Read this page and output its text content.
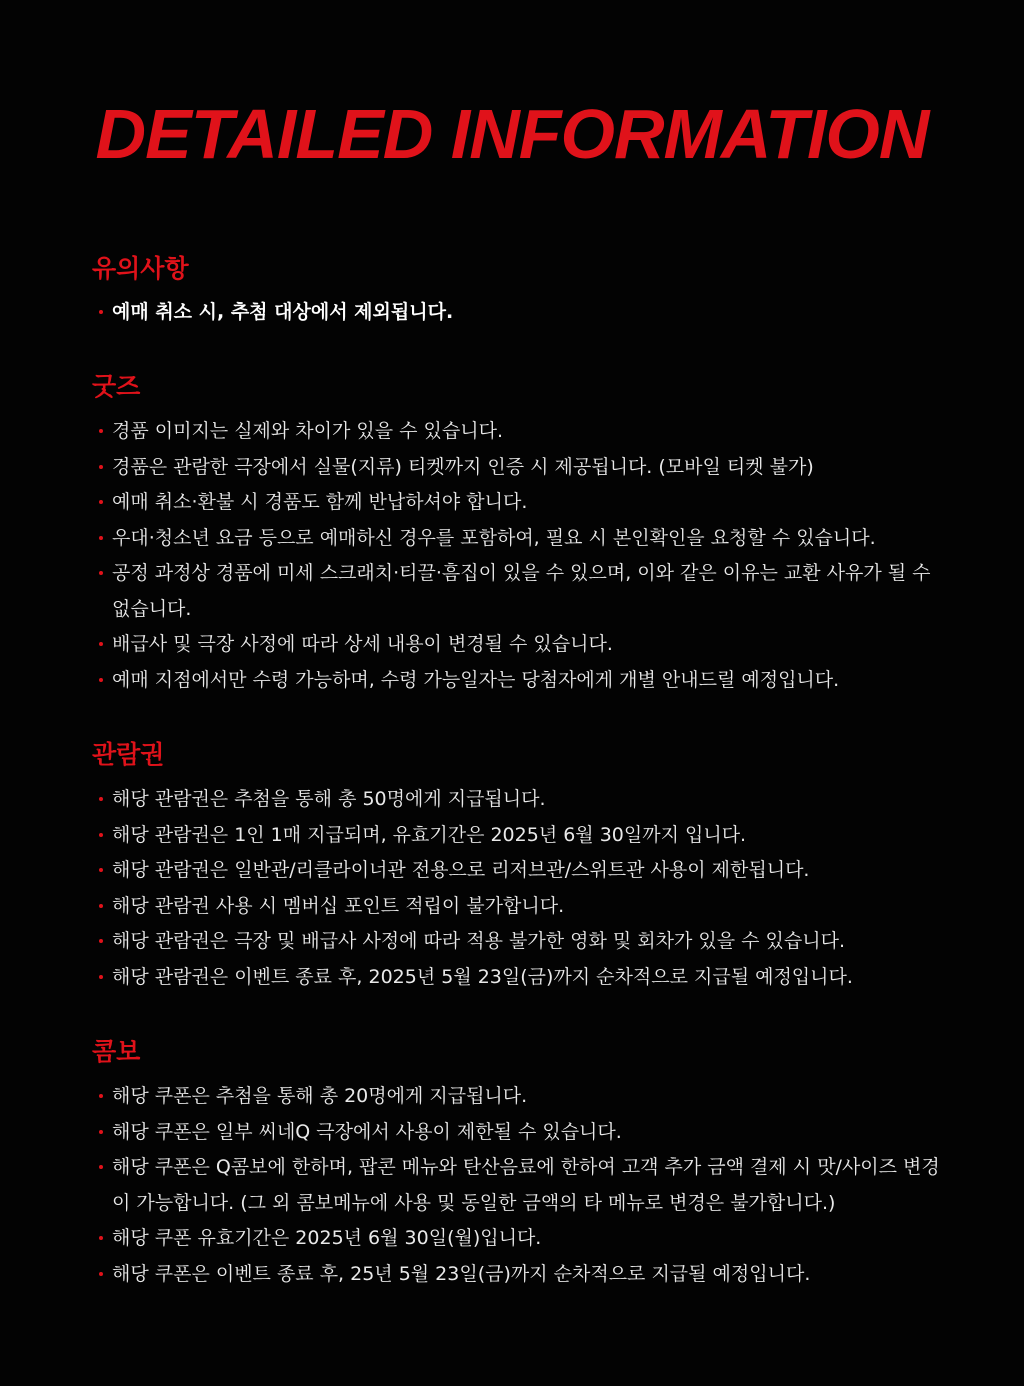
DETAILED INFORMATION
유의사항
예매 취소 시, 추첨 대상에서 제외됩니다.
굿즈
경품 이미지는 실제와 차이가 있을 수 있습니다.
경품은 관람한 극장에서 실물(지류) 티켓까지 인증 시 제공됩니다. (모바일 티켓 불가)
예매 취소·환불 시 경품도 함께 반납하셔야 합니다.
우대·청소년 요금 등으로 예매하신 경우를 포함하여, 필요 시 본인확인을 요청할 수 있습니다.
공정 과정상 경품에 미세 스크래치·티끌·흠집이 있을 수 있으며, 이와 같은 이유는 교환 사유가 될 수 없습니다.
배급사 및 극장 사정에 따라 상세 내용이 변경될 수 있습니다.
예매 지점에서만 수령 가능하며, 수령 가능일자는 당첨자에게 개별 안내드릴 예정입니다.
관람권
해당 관람권은 추첨을 통해 총 50명에게 지급됩니다.
해당 관람권은 1인 1매 지급되며, 유효기간은 2025년 6월 30일까지 입니다.
해당 관람권은 일반관/리클라이너관 전용으로 리저브관/스위트관 사용이 제한됩니다.
해당 관람권 사용 시 멤버십 포인트 적립이 불가합니다.
해당 관람권은 극장 및 배급사 사정에 따라 적용 불가한 영화 및 회차가 있을 수 있습니다.
해당 관람권은 이벤트 종료 후, 2025년 5월 23일(금)까지 순차적으로 지급될 예정입니다.
콤보
해당 쿠폰은 추첨을 통해 총 20명에게 지급됩니다.
해당 쿠폰은 일부 씨네Q 극장에서 사용이 제한될 수 있습니다.
해당 쿠폰은 Q콤보에 한하며, 팝콘 메뉴와 탄산음료에 한하여 고객 추가 금액 결제 시 맛/사이즈 변경이 가능합니다. (그 외 콤보메뉴에 사용 및 동일한 금액의 타 메뉴로 변경은 불가합니다.)
해당 쿠폰 유효기간은 2025년 6월 30일(월)입니다.
해당 쿠폰은 이벤트 종료 후, 25년 5월 23일(금)까지 순차적으로 지급될 예정입니다.
